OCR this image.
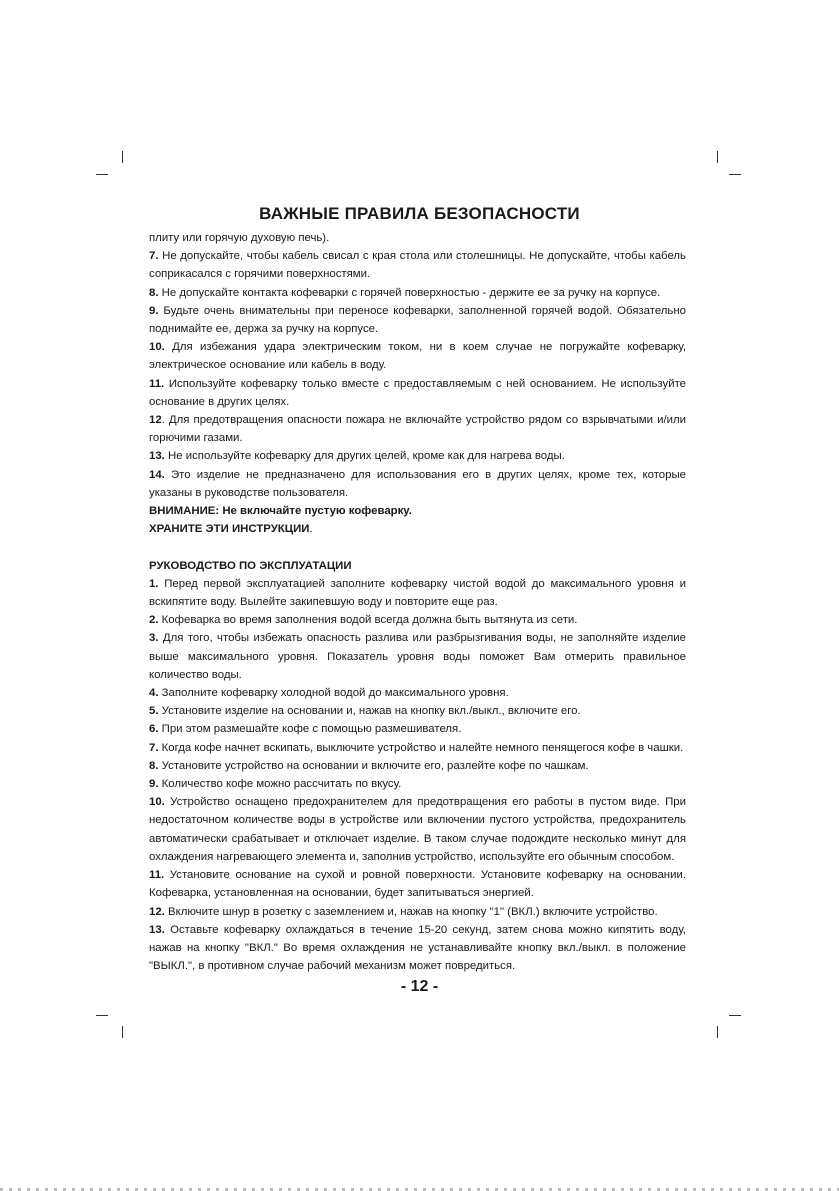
ВАЖНЫЕ ПРАВИЛА БЕЗОПАСНОСТИ

плиту или горячую духовую печь).

7. Не допускайте, чтобы кабель свисал с края стола или столешницы. Не допускайте, чтобы кабель соприкасался с горячими поверхностями.

8. Не допускайте контакта кофеварки с горячей поверхностью - держите ее за ручку на корпусе.

9. Будьте очень внимательны при переносе кофеварки, заполненной горячей водой. Обязательно поднимайте ее, держа за ручку на корпусе.

10. Для избежания удара электрическим током, ни в коем случае не погружайте кофеварку, электрическое основание или кабель в воду.

11. Используйте кофеварку только вместе с предоставляемым с ней основанием. Не используйте основание в других целях.

12. Для предотвращения опасности пожара не включайте устройство рядом со взрывчатыми и/или горючими газами.

13. Не используйте кофеварку для других целей, кроме как для нагрева воды.

14. Это изделие не предназначено для использования его в других целях, кроме тех, которые указаны в руководстве пользователя.

ВНИМАНИЕ: Не включайте пустую кофеварку.

ХРАНИТЕ ЭТИ ИНСТРУКЦИИ.

РУКОВОДСТВО ПО ЭКСПЛУАТАЦИИ

1. Перед первой эксплуатацией заполните кофеварку чистой водой до максимального уровня и вскипятите воду. Вылейте закипевшую воду и повторите еще раз.

2. Кофеварка во время заполнения водой всегда должна быть вытянута из сети.

3. Для того, чтобы избежать опасность разлива или разбрызгивания воды, не заполняйте изделие выше максимального уровня. Показатель уровня воды поможет Вам отмерить правильное количество воды.

4. Заполните кофеварку холодной водой до максимального уровня.

5. Установите изделие на основании и, нажав на кнопку вкл./выкл., включите его.

6. При этом размешайте кофе с помощью размешивателя.

7. Когда кофе начнет вскипать, выключите устройство и налейте немного пенящегося кофе в чашки.

8. Установите устройство на основании и включите его, разлейте кофе по чашкам.

9. Количество кофе можно рассчитать по вкусу.

10. Устройство оснащено предохранителем для предотвращения его работы в пустом виде. При недостаточном количестве воды в устройстве или включении пустого устройства, предохранитель автоматически срабатывает и отключает изделие. В таком случае подождите несколько минут для охлаждения нагревающего элемента и, заполнив устройство, используйте его обычным способом.

11. Установите основание на сухой и ровной поверхности. Установите кофеварку на основании. Кофеварка, установленная на основании, будет запитываться энергией.

12. Включите шнур в розетку с заземлением и, нажав на кнопку "1" (ВКЛ.) включите устройство.

13. Оставьте кофеварку охлаждаться в течение 15-20 секунд, затем снова можно кипятить воду, нажав на кнопку "ВКЛ." Во время охлаждения не устанавливайте кнопку вкл./выкл. в положение "ВЫКЛ.", в противном случае рабочий механизм может повредиться.

- 12 -
